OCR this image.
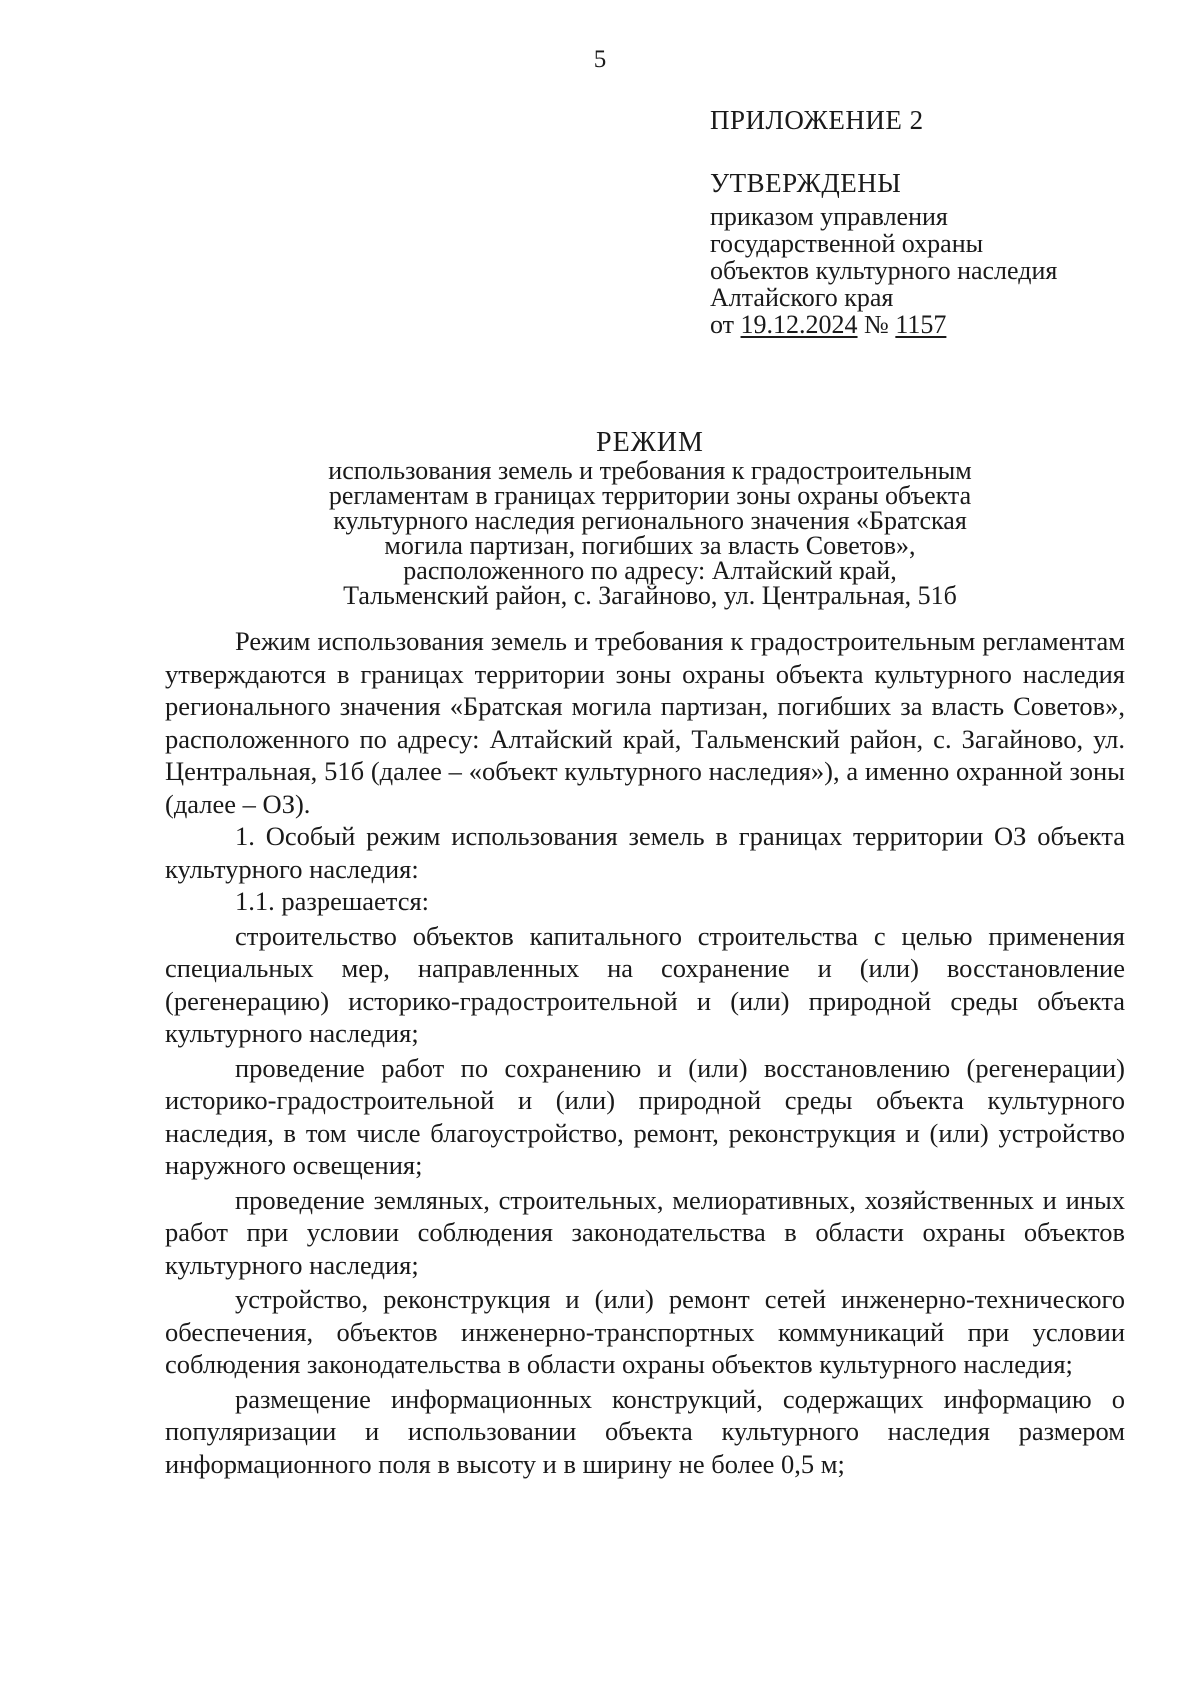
5
ПРИЛОЖЕНИЕ 2
УТВЕРЖДЕНЫ
приказом управления
государственной охраны
объектов культурного наследия
Алтайского края
от 19.12.2024 № 1157
РЕЖИМ
использования земель и требования к градостроительным
регламентам в границах территории зоны охраны объекта
культурного наследия регионального значения «Братская
могила партизан, погибших за власть Советов»,
расположенного по адресу: Алтайский край,
Тальменский район, с. Загайново, ул. Центральная, 51б

Режим использования земель и требования к градостроительным регламентам утверждаются в границах территории зоны охраны объекта культурного наследия регионального значения «Братская могила партизан, погибших за власть Советов», расположенного по адресу: Алтайский край, Тальменский район, с. Загайново, ул. Центральная, 51б (далее – «объект культурного наследия»), а именно охранной зоны (далее – ОЗ).

1. Особый режим использования земель в границах территории ОЗ объекта культурного наследия:

1.1. разрешается:

строительство объектов капитального строительства с целью применения специальных мер, направленных на сохранение и (или) восстановление (регенерацию) историко-градостроительной и (или) природной среды объекта культурного наследия;

проведение работ по сохранению и (или) восстановлению (регенерации) историко-градостроительной и (или) природной среды объекта культурного наследия, в том числе благоустройство, ремонт, реконструкция и (или) устройство наружного освещения;

проведение земляных, строительных, мелиоративных, хозяйственных и иных работ при условии соблюдения законодательства в области охраны объектов культурного наследия;

устройство, реконструкция и (или) ремонт сетей инженерно-технического обеспечения, объектов инженерно-транспортных коммуникаций при условии соблюдения законодательства в области охраны объектов культурного наследия;

размещение информационных конструкций, содержащих информацию о популяризации и использовании объекта культурного наследия размером информационного поля в высоту и в ширину не более 0,5 м;
